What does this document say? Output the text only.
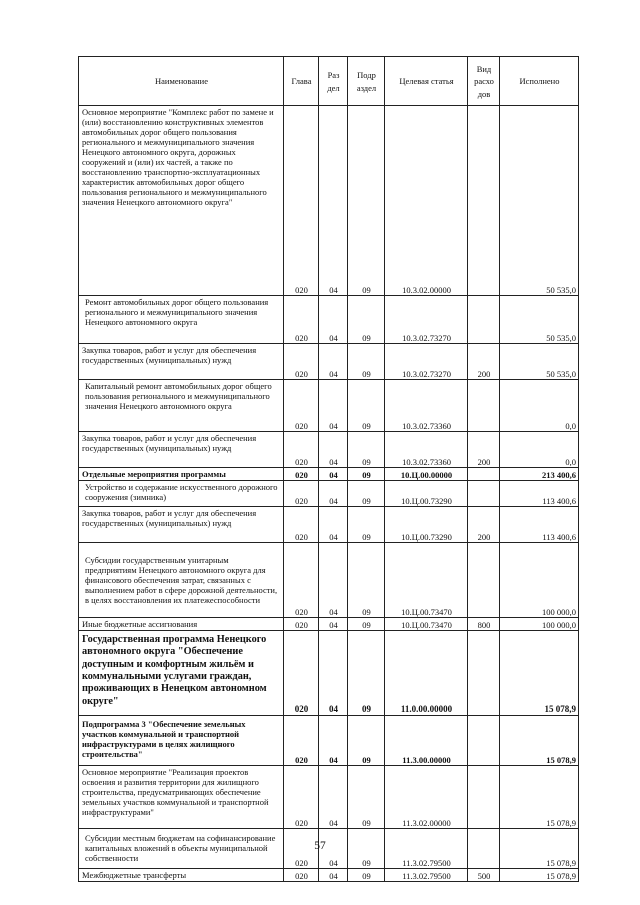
Наименование	Глава	Раз дел	Подр аздел	Целевая статья	Вид расхо дов	Исполнено
Основное мероприятие "Комплекс работ по замене и (или) восстановлению конструктивных элементов автомобильных дорог общего пользования регионального и межмуниципального значения Ненецкого автономного округа, дорожных сооружений и (или) их частей, а также по восстановлению транспортно-эксплуатационных характеристик автомобильных дорог общего пользования регионального и межмуниципального значения Ненецкого автономного округа"	020	04	09	10.3.02.00000		50 535,0
Ремонт автомобильных дорог общего пользования регионального и межмуниципального значения Ненецкого автономного округа	020	04	09	10.3.02.73270		50 535,0
Закупка товаров, работ и услуг для обеспечения государственных (муниципальных) нужд	020	04	09	10.3.02.73270	200	50 535,0
Капитальный ремонт автомобильных дорог общего пользования регионального и межмуниципального значения Ненецкого автономного округа	020	04	09	10.3.02.73360		0,0
Закупка товаров, работ и услуг для обеспечения государственных (муниципальных) нужд	020	04	09	10.3.02.73360	200	0,0
Отдельные мероприятия программы	020	04	09	10.Ц.00.00000		213 400,6
Устройство и содержание искусственного дорожного сооружения (зимника)	020	04	09	10.Ц.00.73290		113 400,6
Закупка товаров, работ и услуг для обеспечения государственных (муниципальных) нужд	020	04	09	10.Ц.00.73290	200	113 400,6
Субсидии государственным унитарным предприятиям Ненецкого автономного округа для финансового обеспечения затрат, связанных с выполнением работ в сфере дорожной деятельности, в целях восстановления их платежеспособности	020	04	09	10.Ц.00.73470		100 000,0
Иные бюджетные ассигнования	020	04	09	10.Ц.00.73470	800	100 000,0
Государственная программа Ненецкого автономного округа "Обеспечение доступным и комфортным жильём и коммунальными услугами граждан, проживающих в Ненецком автономном округе"	020	04	09	11.0.00.00000		15 078,9
Подпрограмма 3 "Обеспечение земельных участков коммунальной и транспортной инфраструктурами в целях жилищного строительства"	020	04	09	11.3.00.00000		15 078,9
Основное мероприятие "Реализация проектов освоения и развития территории для жилищного строительства, предусматривающих обеспечение земельных участков коммунальной и транспортной инфраструктурами"	020	04	09	11.3.02.00000		15 078,9
Субсидии местным бюджетам на софинансирование капитальных вложений в объекты муниципальной собственности	020	04	09	11.3.02.79500		15 078,9
Межбюджетные трансферты	020	04	09	11.3.02.79500	500	15 078,9
57
